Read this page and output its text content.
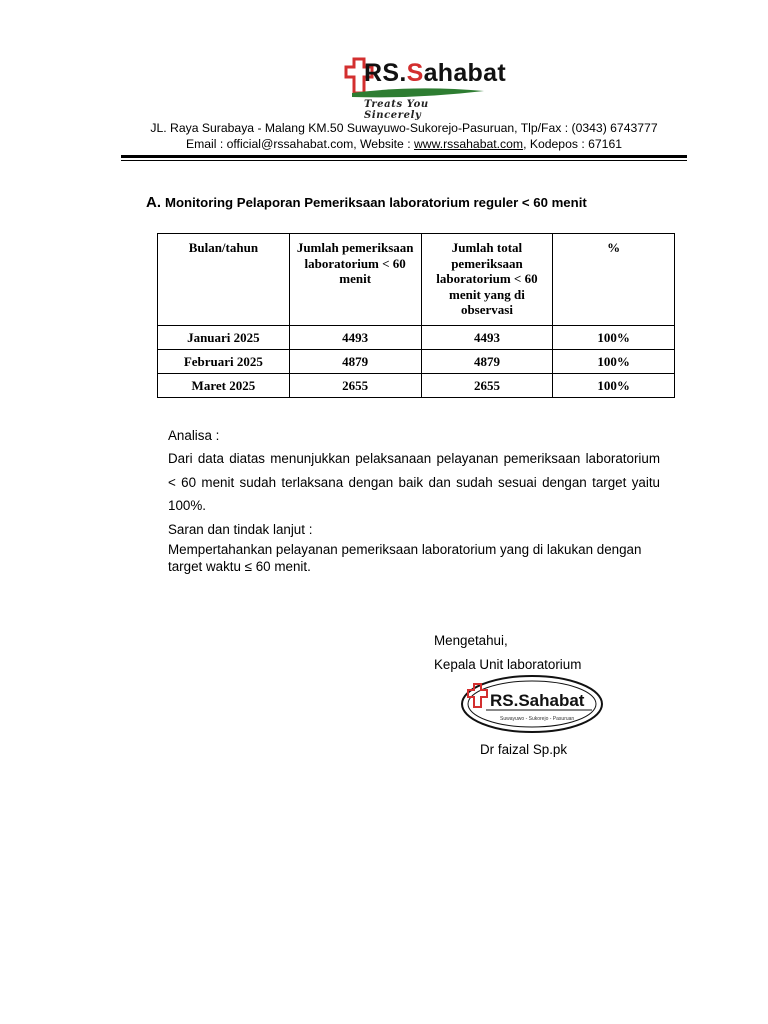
RS.Sahabat
Treats You Sincerely
JL. Raya Surabaya - Malang KM.50 Suwayuwo-Sukorejo-Pasuruan, Tlp/Fax : (0343) 6743777
Email : official@rssahabat.com, Website : www.rssahabat.com, Kodepos : 67161
A. Monitoring Pelaporan Pemeriksaan laboratorium reguler < 60 menit
Bulan/tahun	Jumlah pemeriksaan laboratorium < 60 menit	Jumlah total pemeriksaan laboratorium < 60 menit yang di observasi	%
Januari 2025	4493	4493	100%
Februari 2025	4879	4879	100%
Maret 2025	2655	2655	100%
Analisa :
Dari data diatas menunjukkan pelaksanaan pelayanan pemeriksaan laboratorium < 60 menit sudah terlaksana dengan baik dan sudah sesuai dengan target yaitu 100%.
Saran dan tindak lanjut :
Mempertahankan pelayanan pemeriksaan laboratorium yang di lakukan dengan target waktu ≤ 60 menit.
Mengetahui,
Kepala Unit laboratorium
RS.Sahabat
Suwayuwo - Sukorejo - Pasuruan
Dr faizal Sp.pk
